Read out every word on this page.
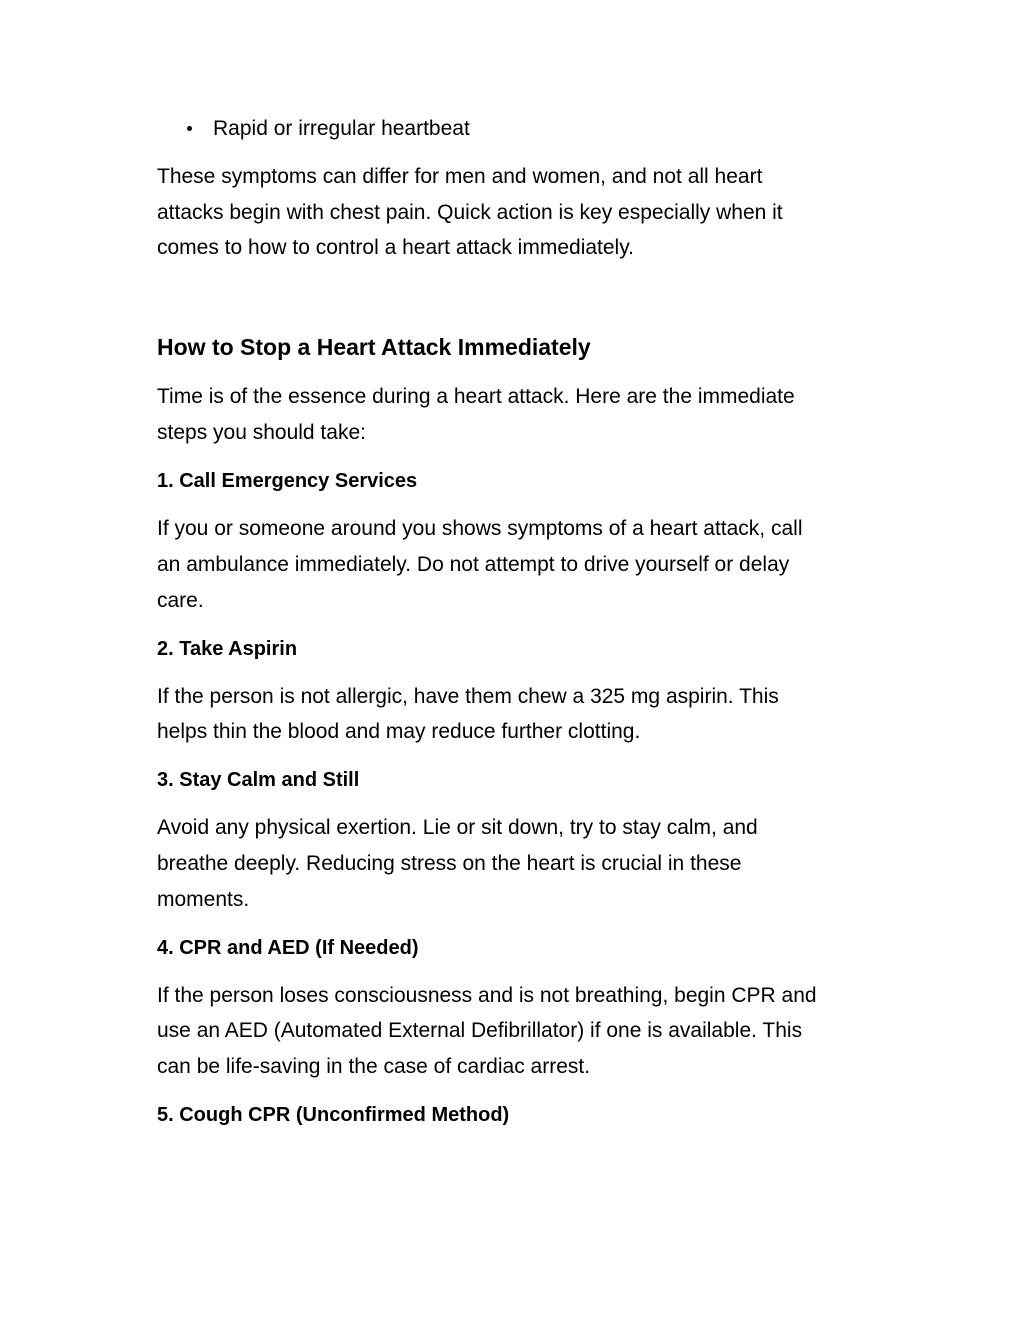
Rapid or irregular heartbeat

These symptoms can differ for men and women, and not all heart

attacks begin with chest pain. Quick action is key especially when it

comes to how to control a heart attack immediately.

How to Stop a Heart Attack Immediately

Time is of the essence during a heart attack. Here are the immediate

steps you should take:

1. Call Emergency Services

If you or someone around you shows symptoms of a heart attack, call

an ambulance immediately. Do not attempt to drive yourself or delay

care.

2. Take Aspirin

If the person is not allergic, have them chew a 325 mg aspirin. This

helps thin the blood and may reduce further clotting.

3. Stay Calm and Still

Avoid any physical exertion. Lie or sit down, try to stay calm, and

breathe deeply. Reducing stress on the heart is crucial in these

moments.

4. CPR and AED (If Needed)

If the person loses consciousness and is not breathing, begin CPR and

use an AED (Automated External Defibrillator) if one is available. This

can be life-saving in the case of cardiac arrest.

5. Cough CPR (Unconfirmed Method)
